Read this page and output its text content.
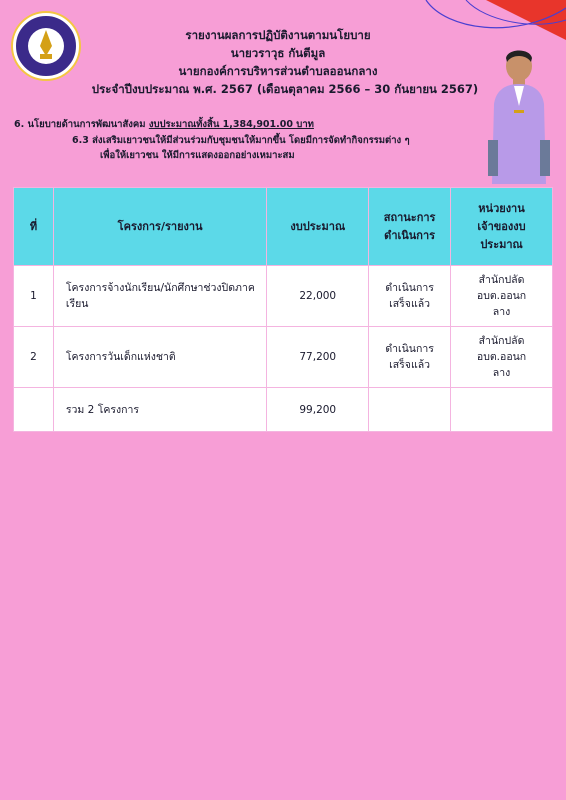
รายงานผลการปฏิบัติงานตามนโยบาย
นายวราวุธ กันตีมูล
นายกองค์การบริหารส่วนตำบลออนกลาง
ประจำปีงบประมาณ พ.ศ. 2567 (เดือนตุลาคม 2566 – 30 กันยายน 2567)
6. นโยบายด้านการพัฒนาสังคม งบประมาณทั้งสิ้น 1,384,901.00 บาท
6.3 ส่งเสริมเยาวชนให้มีส่วนร่วมกับชุมชนให้มากขึ้น โดยมีการจัดทำกิจกรรมต่าง ๆ
เพื่อให้เยาวชน ให้มีการแสดงออกอย่างเหมาะสม
ที่	โครงการ/รายงาน	งบประมาณ	สถานะการดำเนินการ	หน่วยงานเจ้าของงบประมาณ
1	โครงการจ้างนักเรียน/นักศึกษาช่วงปิดภาคเรียน	22,000	ดำเนินการเสร็จแล้ว	สำนักปลัดอบต.ออนกลาง
2	โครงการวันเด็กแห่งชาติ	77,200	ดำเนินการเสร็จแล้ว	สำนักปลัดอบต.ออนกลาง
	รวม 2 โครงการ	99,200		
